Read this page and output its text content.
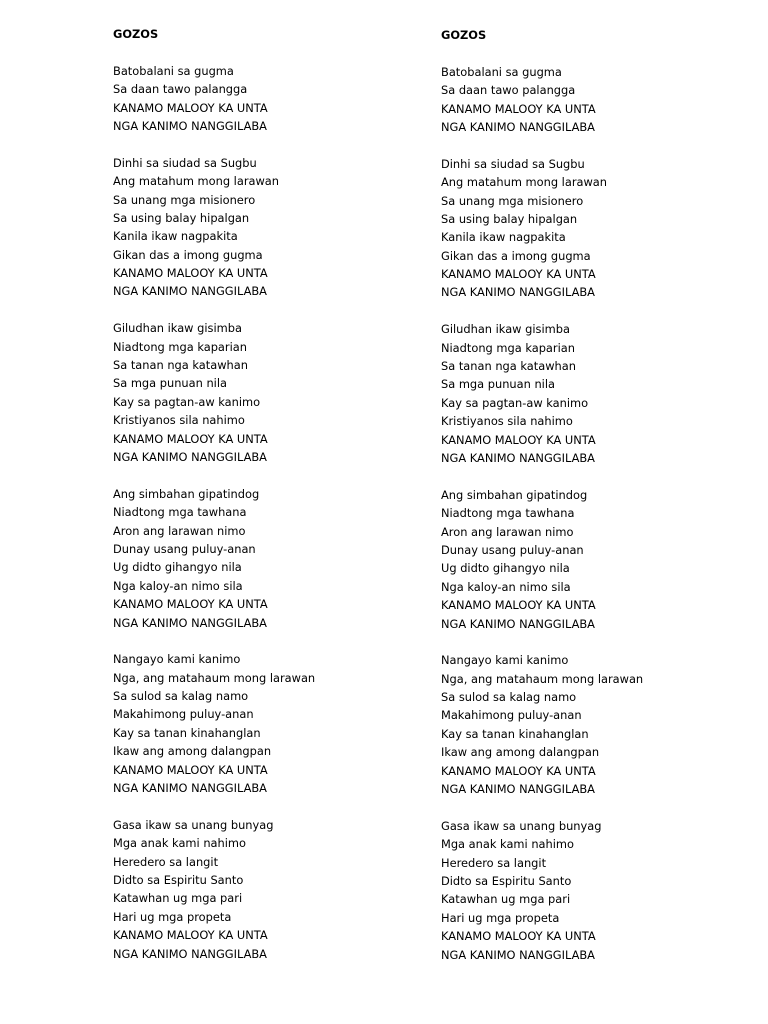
GOZOS
Batobalani sa gugma
Sa daan tawo palangga
KANAMO MALOOY KA UNTA
NGA KANIMO NANGGILABA
Dinhi sa siudad sa Sugbu
Ang matahum mong larawan
Sa unang mga misionero
Sa using balay hipalgan
Kanila ikaw nagpakita
Gikan das a imong gugma
KANAMO MALOOY KA UNTA
NGA KANIMO NANGGILABA
Giludhan ikaw gisimba
Niadtong mga kaparian
Sa tanan nga katawhan
Sa mga punuan nila
Kay sa pagtan-aw kanimo
Kristiyanos sila nahimo
KANAMO MALOOY KA UNTA
NGA KANIMO NANGGILABA
Ang simbahan gipatindog
Niadtong mga tawhana
Aron ang larawan nimo
Dunay usang puluy-anan
Ug didto gihangyo nila
Nga kaloy-an nimo sila
KANAMO MALOOY KA UNTA
NGA KANIMO NANGGILABA
Nangayo kami kanimo
Nga, ang matahaum mong larawan
Sa sulod sa kalag namo
Makahimong puluy-anan
Kay sa tanan kinahanglan
Ikaw ang among dalangpan
KANAMO MALOOY KA UNTA
NGA KANIMO NANGGILABA
Gasa ikaw sa unang bunyag
Mga anak kami nahimo
Heredero sa langit
Didto sa Espiritu Santo
Katawhan ug mga pari
Hari ug mga propeta
KANAMO MALOOY KA UNTA
NGA KANIMO NANGGILABA
GOZOS
Batobalani sa gugma
Sa daan tawo palangga
KANAMO MALOOY KA UNTA
NGA KANIMO NANGGILABA
Dinhi sa siudad sa Sugbu
Ang matahum mong larawan
Sa unang mga misionero
Sa using balay hipalgan
Kanila ikaw nagpakita
Gikan das a imong gugma
KANAMO MALOOY KA UNTA
NGA KANIMO NANGGILABA
Giludhan ikaw gisimba
Niadtong mga kaparian
Sa tanan nga katawhan
Sa mga punuan nila
Kay sa pagtan-aw kanimo
Kristiyanos sila nahimo
KANAMO MALOOY KA UNTA
NGA KANIMO NANGGILABA
Ang simbahan gipatindog
Niadtong mga tawhana
Aron ang larawan nimo
Dunay usang puluy-anan
Ug didto gihangyo nila
Nga kaloy-an nimo sila
KANAMO MALOOY KA UNTA
NGA KANIMO NANGGILABA
Nangayo kami kanimo
Nga, ang matahaum mong larawan
Sa sulod sa kalag namo
Makahimong puluy-anan
Kay sa tanan kinahanglan
Ikaw ang among dalangpan
KANAMO MALOOY KA UNTA
NGA KANIMO NANGGILABA
Gasa ikaw sa unang bunyag
Mga anak kami nahimo
Heredero sa langit
Didto sa Espiritu Santo
Katawhan ug mga pari
Hari ug mga propeta
KANAMO MALOOY KA UNTA
NGA KANIMO NANGGILABA
